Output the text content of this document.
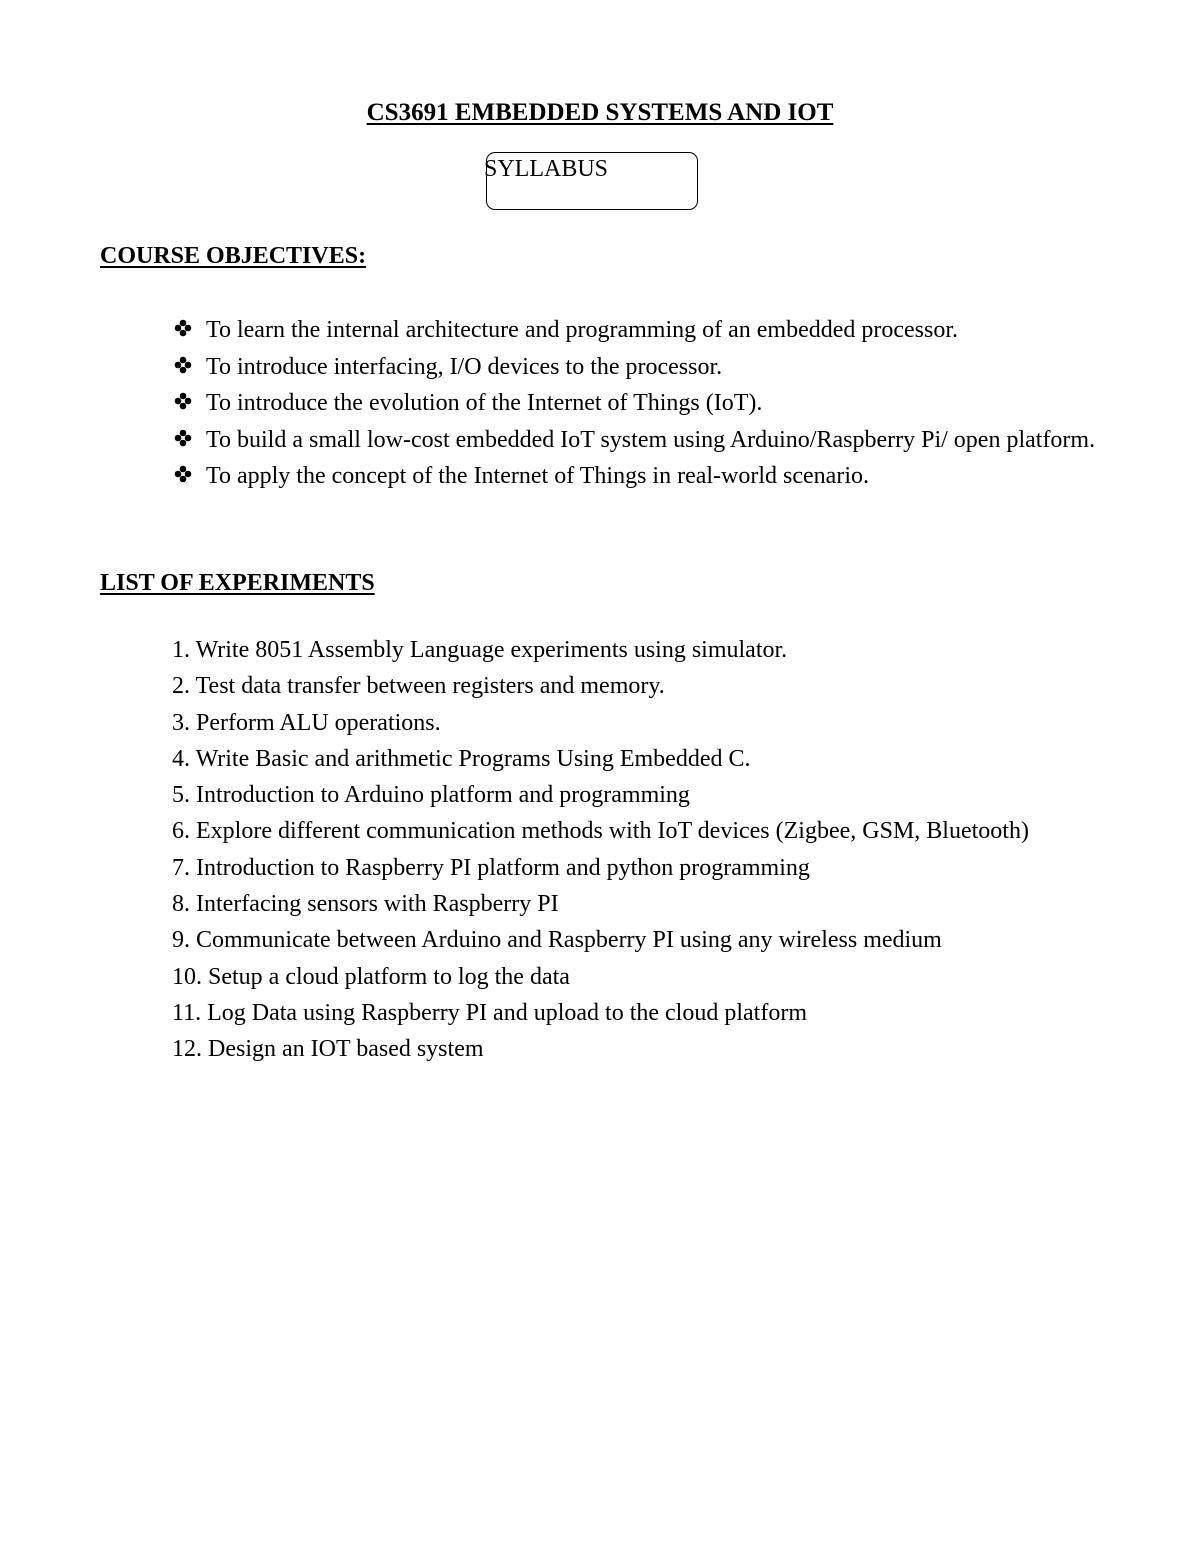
CS3691 EMBEDDED SYSTEMS AND IOT

SYLLABUS

COURSE OBJECTIVES:
To learn the internal architecture and programming of an embedded processor.
To introduce interfacing, I/O devices to the processor.
To introduce the evolution of the Internet of Things (IoT).
To build a small low-cost embedded IoT system using Arduino/Raspberry Pi/ open platform.
To apply the concept of the Internet of Things in real-world scenario.
LIST OF EXPERIMENTS
1. Write 8051 Assembly Language experiments using simulator.
2. Test data transfer between registers and memory.
3. Perform ALU operations.
4. Write Basic and arithmetic Programs Using Embedded C.
5. Introduction to Arduino platform and programming
6. Explore different communication methods with IoT devices (Zigbee, GSM, Bluetooth)
7. Introduction to Raspberry PI platform and python programming
8. Interfacing sensors with Raspberry PI
9. Communicate between Arduino and Raspberry PI using any wireless medium
10. Setup a cloud platform to log the data
11. Log Data using Raspberry PI and upload to the cloud platform
12. Design an IOT based system
